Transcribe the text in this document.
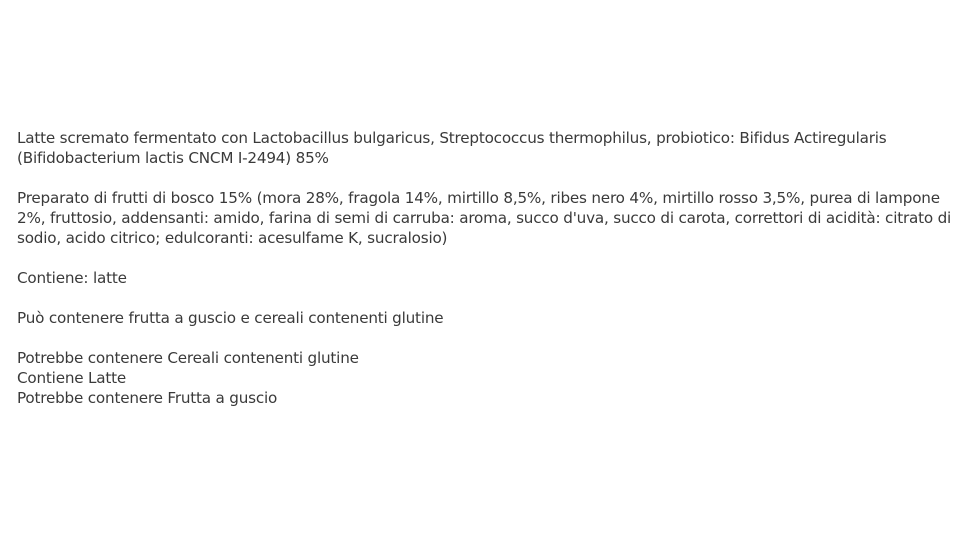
Latte scremato fermentato con Lactobacillus bulgaricus, Streptococcus thermophilus, probiotico: Bifidus Actiregularis (Bifidobacterium lactis CNCM I-2494) 85%

Preparato di frutti di bosco 15% (mora 28%, fragola 14%, mirtillo 8,5%, ribes nero 4%, mirtillo rosso 3,5%, purea di lampone 2%, fruttosio, addensanti: amido, farina di semi di carruba: aroma, succo d'uva, succo di carota, correttori di acidità: citrato di sodio, acido citrico; edulcoranti: acesulfame K, sucralosio)

Contiene: latte

Può contenere frutta a guscio e cereali contenenti glutine

Potrebbe contenere Cereali contenenti glutine
Contiene Latte
Potrebbe contenere Frutta a guscio
